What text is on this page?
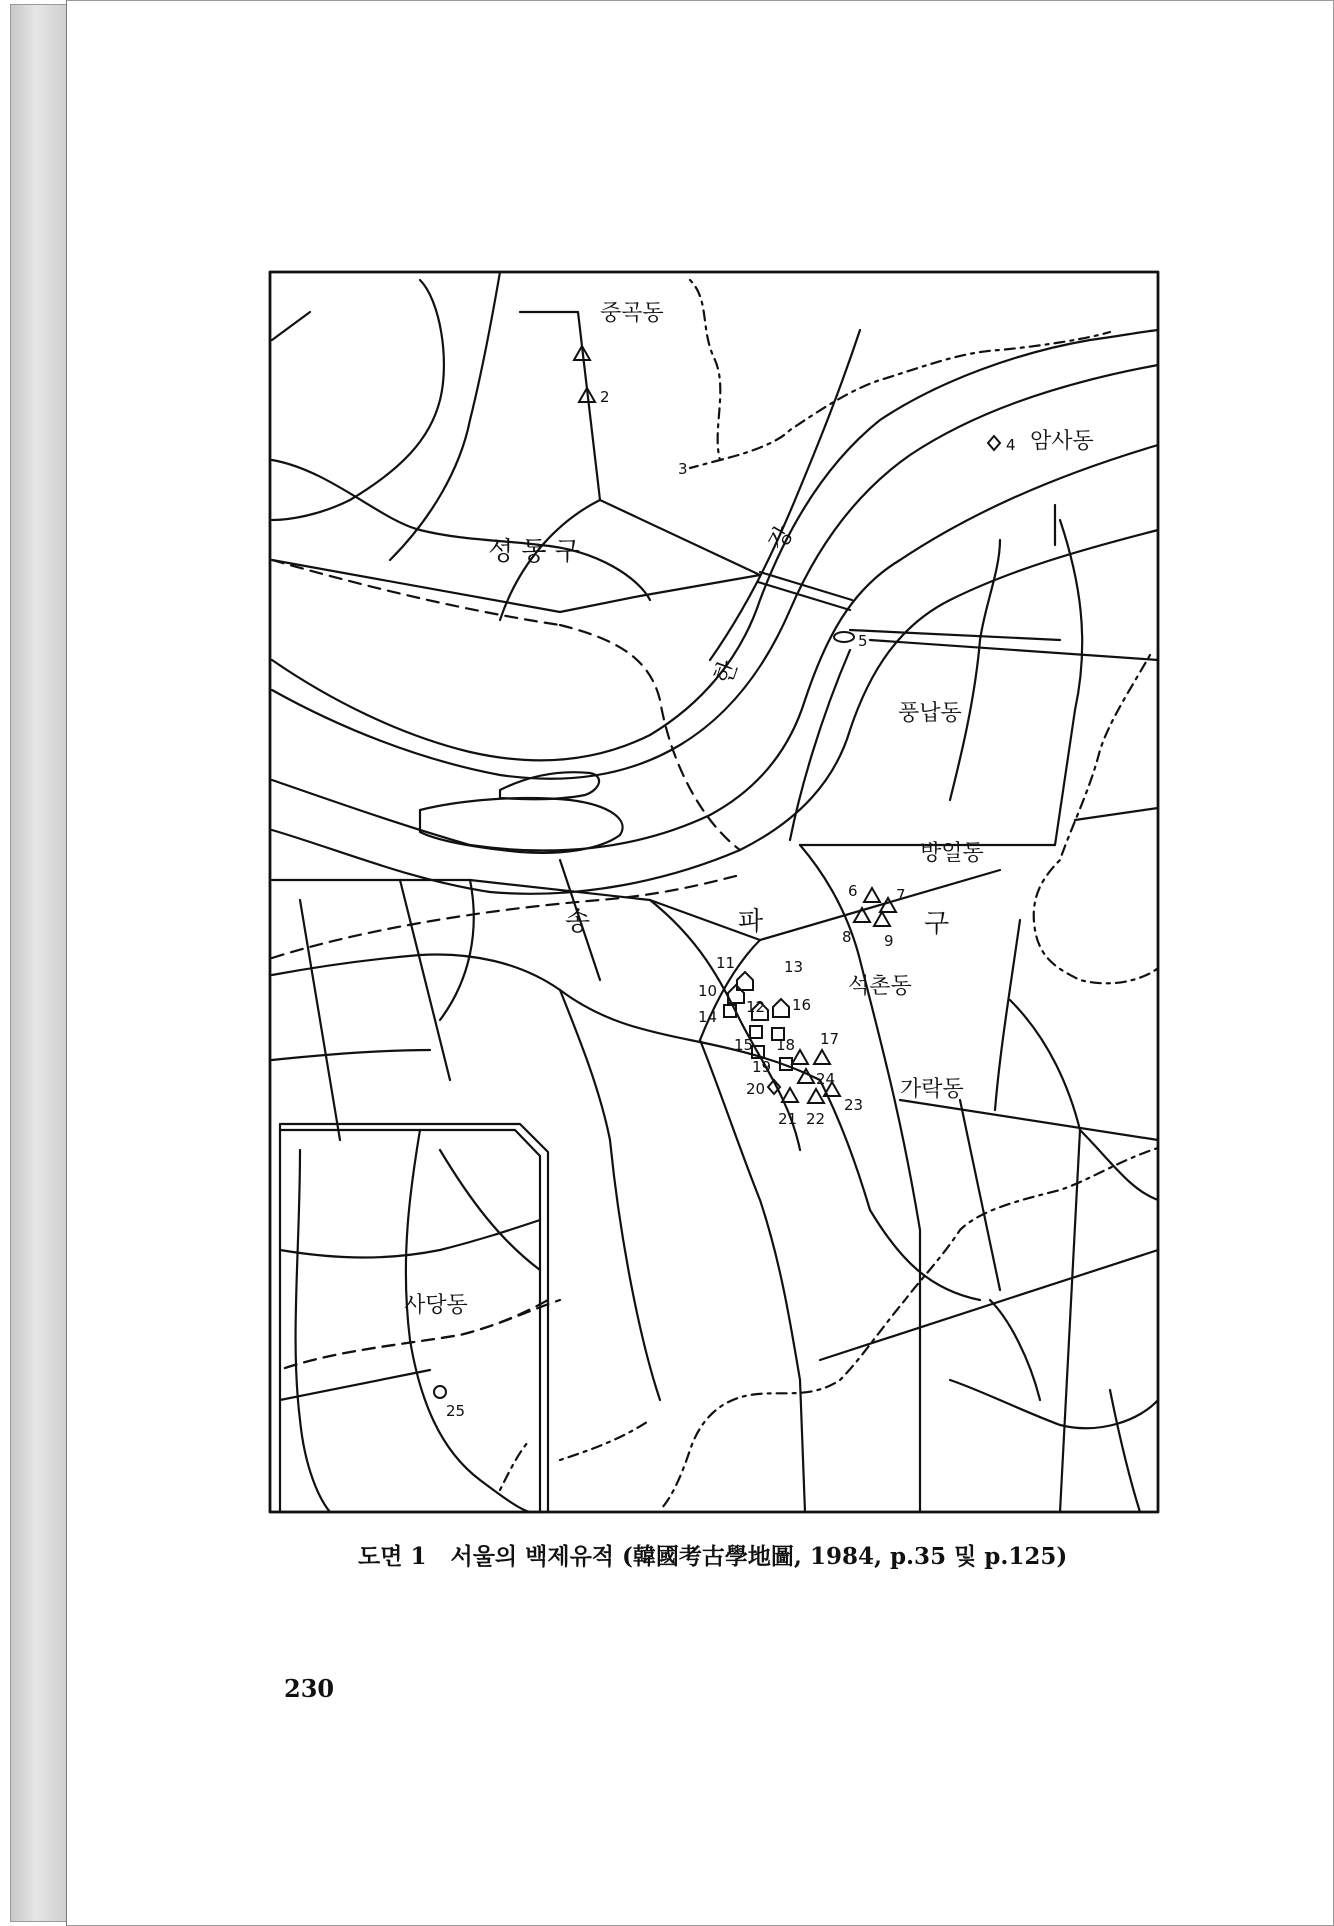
중곡동
암사동
풍납동
방일동
석촌동
가락동
사당동
성 동 구
송	파	구
강
한
2
3
4
5
6	7
8 9
10
11
12
13
14
15
16
17
18
19
20
21 22
23
24
25
도면 1 서울의 백제유적 (韓國考古學地圖, 1984, p.35 및 p.125)
230
